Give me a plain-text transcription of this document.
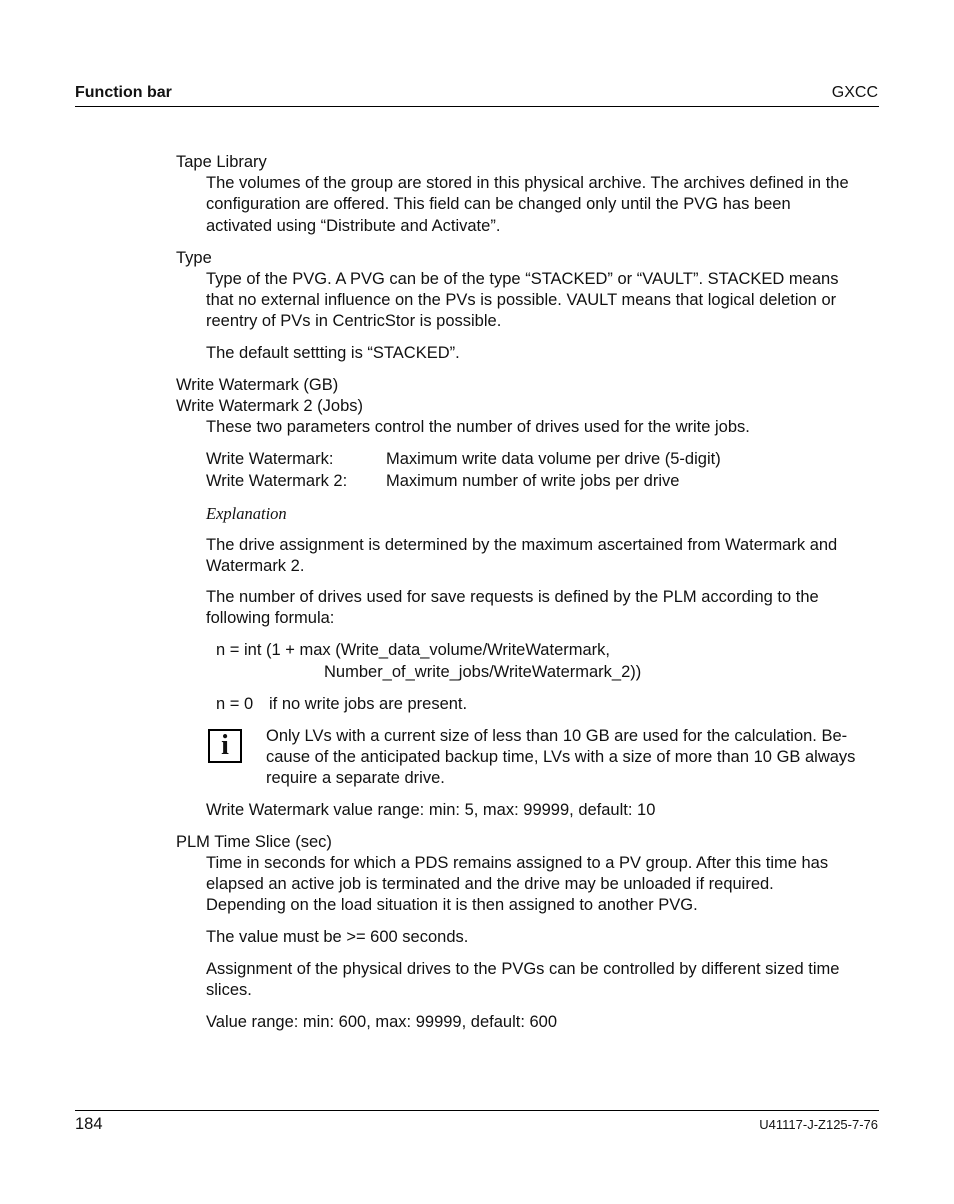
Function bar	GXCC
Tape Library
The volumes of the group are stored in this physical archive. The archives defined in the
configuration are offered. This field can be changed only until the PVG has been
activated using “Distribute and Activate”.
Type
Type of the PVG. A PVG can be of the type “STACKED” or “VAULT”. STACKED means
that no external influence on the PVs is possible. VAULT means that logical deletion or
reentry of PVs in CentricStor is possible.
The default settting is “STACKED”.
Write Watermark (GB)
Write Watermark 2 (Jobs)
These two parameters control the number of drives used for the write jobs.
Write Watermark:	Maximum write data volume per drive (5-digit)
Write Watermark 2: Maximum number of write jobs per drive
Explanation
The drive assignment is determined by the maximum ascertained from Watermark and
Watermark 2.
The number of drives used for save requests is defined by the PLM according to the
following formula:
n = int (1 + max (Write_data_volume/WriteWatermark,
Number_of_write_jobs/WriteWatermark_2))
n = 0 if no write jobs are present.
i	Only LVs with a current size of less than 10 GB are used for the calculation. Be-
cause of the anticipated backup time, LVs with a size of more than 10 GB always
require a separate drive.
Write Watermark value range: min: 5, max: 99999, default: 10
PLM Time Slice (sec)
Time in seconds for which a PDS remains assigned to a PV group. After this time has
elapsed an active job is terminated and the drive may be unloaded if required.
Depending on the load situation it is then assigned to another PVG.
The value must be >= 600 seconds.
Assignment of the physical drives to the PVGs can be controlled by different sized time
slices.
Value range: min: 600, max: 99999, default: 600
184	U41117-J-Z125-7-76
